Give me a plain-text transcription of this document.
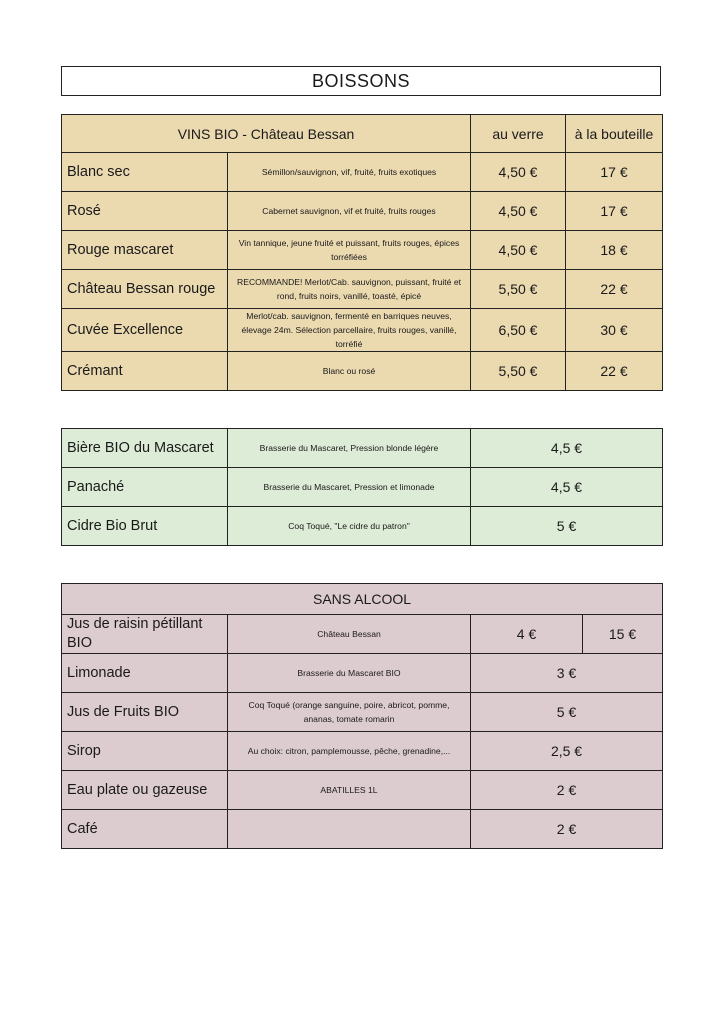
BOISSONS
VINS BIO - Château Bessan		au verre	à la bouteille
Blanc sec	Sémillon/sauvignon, vif, fruité, fruits exotiques	4,50 €	17 €
Rosé	Cabernet sauvignon, vif et fruité, fruits rouges	4,50 €	17 €
Rouge mascaret	Vin tannique, jeune fruité et puissant, fruits rouges, épices torréfiées	4,50 €	18 €
Château Bessan rouge	RECOMMANDE! Merlot/Cab. sauvignon, puissant, fruité et rond, fruits noirs, vanillé, toasté, épicé	5,50 €	22 €
Cuvée Excellence	Merlot/cab. sauvignon, fermenté en barriques neuves, élevage 24m. Sélection parcellaire, fruits rouges, vanillé, torréfié	6,50 €	30 €
Crémant	Blanc ou rosé	5,50 €	22 €
Bière BIO du Mascaret	Brasserie du Mascaret, Pression blonde légère	4,5 €
Panaché	Brasserie du Mascaret, Pression et limonade	4,5 €
Cidre Bio Brut	Coq Toqué, "Le cidre du patron"	5 €
SANS ALCOOL			
Jus de raisin pétillant BIO	Château Bessan	4 €	15 €
Limonade	Brasserie du Mascaret BIO	3 €	
Jus de Fruits BIO	Coq Toqué (orange sanguine, poire, abricot, pomme, ananas, tomate romarin	5 €	
Sirop	Au choix: citron, pamplemousse, pêche, grenadine,...	2,5 €	
Eau plate ou gazeuse	ABATILLES 1L	2 €	
Café		2 €	
